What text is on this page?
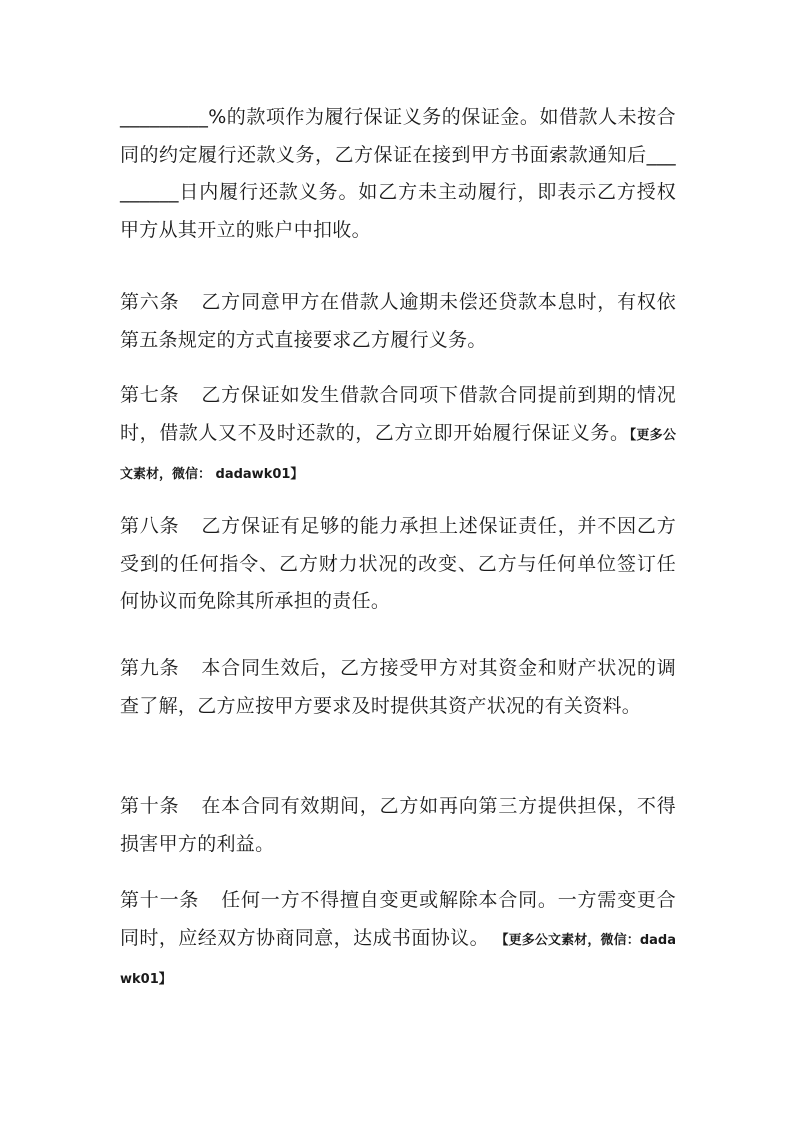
_________%的款项作为履行保证义务的保证金。如借款人未按合同的约定履行还款义务，乙方保证在接到甲方书面索款通知后_________日内履行还款义务。如乙方未主动履行，即表示乙方授权甲方从其开立的账户中扣收。

第六条 乙方同意甲方在借款人逾期未偿还贷款本息时，有权依第五条规定的方式直接要求乙方履行义务。

第七条 乙方保证如发生借款合同项下借款合同提前到期的情况时，借款人又不及时还款的，乙方立即开始履行保证义务。【更多公文素材，微信： dadawk01】

第八条 乙方保证有足够的能力承担上述保证责任，并不因乙方受到的任何指令、乙方财力状况的改变、乙方与任何单位签订任何协议而免除其所承担的责任。

第九条 本合同生效后，乙方接受甲方对其资金和财产状况的调查了解，乙方应按甲方要求及时提供其资产状况的有关资料。

第十条 在本合同有效期间，乙方如再向第三方提供担保，不得损害甲方的利益。

第十一条 任何一方不得擅自变更或解除本合同。一方需变更合同时，应经双方协商同意，达成书面协议。 【更多公文素材，微信：dadawk01】
